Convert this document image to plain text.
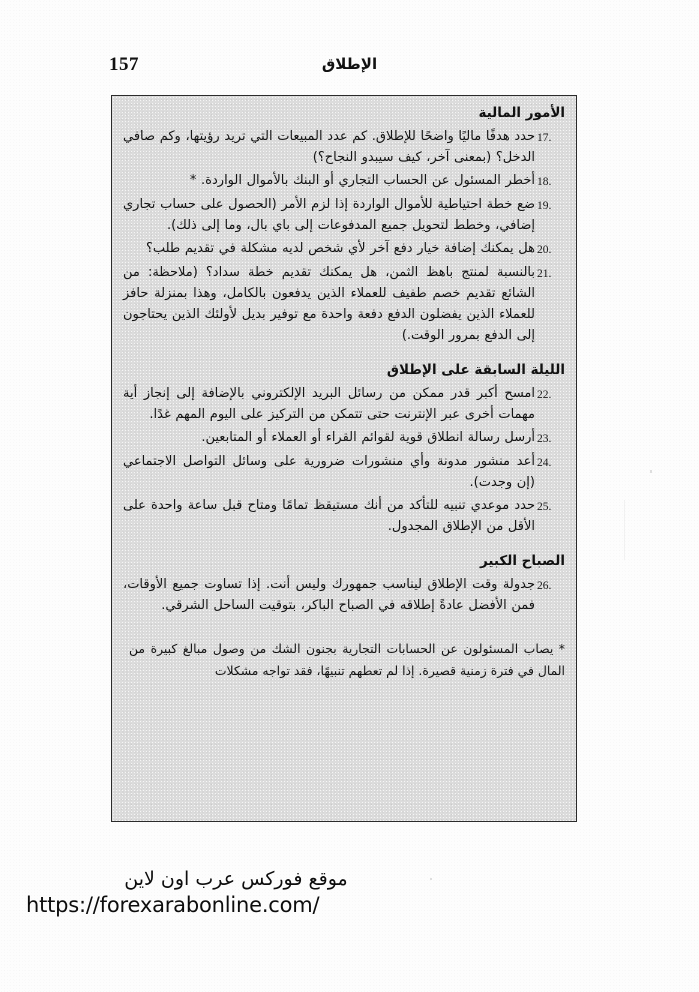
157	الإطلاق
الأمور المالية
17.
حدد هدفًا ماليًا واضحًا للإطلاق. كم عدد المبيعات التي تريد رؤيتها، وكم صافي الدخل؟ (بمعنى آخر، كيف سيبدو النجاح؟)
18.
أخطر المسئول عن الحساب التجاري أو البنك بالأموال الواردة. *
19.
ضع خطة احتياطية للأموال الواردة إذا لزم الأمر (الحصول على حساب تجاري إضافي، وخطط لتحويل جميع المدفوعات إلى باي بال، وما إلى ذلك).
20.
هل يمكنك إضافة خيار دفع آخر لأي شخص لديه مشكلة في تقديم طلب؟
21.
بالنسبة لمنتج باهظ الثمن، هل يمكنك تقديم خطة سداد؟ (ملاحظة: من الشائع تقديم خصم طفيف للعملاء الذين يدفعون بالكامل، وهذا بمنزلة حافز للعملاء الذين يفضلون الدفع دفعة واحدة مع توفير بديل لأولئك الذين يحتاجون إلى الدفع بمرور الوقت.)
الليلة السابقة على الإطلاق
22.
امسح أكبر قدر ممكن من رسائل البريد الإلكتروني بالإضافة إلى إنجاز أية مهمات أخرى عبر الإنترنت حتى تتمكن من التركيز على اليوم المهم غدًا.
23.
أرسل رسالة انطلاق قوية لقوائم القراء أو العملاء أو المتابعين.
24.
أعد منشور مدونة وأي منشورات ضرورية على وسائل التواصل الاجتماعي (إن وجدت).
25.
حدد موعدي تنبيه للتأكد من أنك مستيقظ تمامًا ومتاح قبل ساعة واحدة على الأقل من الإطلاق المجدول.
الصباح الكبير
26.
جدولة وقت الإطلاق ليناسب جمهورك وليس أنت. إذا تساوت جميع الأوقات، فمن الأفضل عادةً إطلاقه في الصباح الباكر، بتوقيت الساحل الشرقي.
* يصاب المسئولون عن الحسابات التجارية بجنون الشك من وصول مبالغ كبيرة من المال في فترة زمنية قصيرة. إذا لم تعطهم تنبيهًا، فقد تواجه مشكلات
موقع فوركس عرب اون لاين
https://forexarabonline.com/
